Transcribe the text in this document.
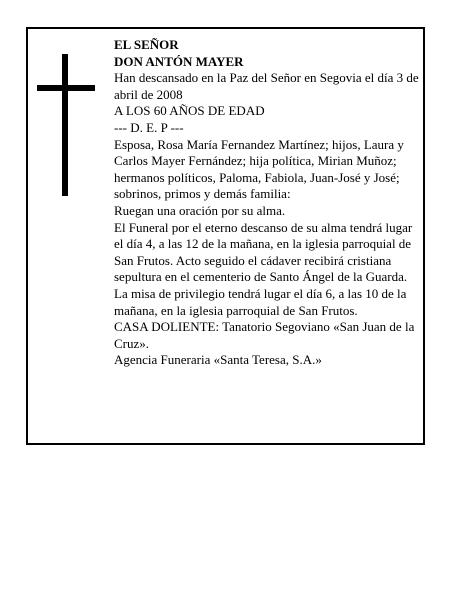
EL SEÑOR

DON ANTÓN MAYER

Han descansado en la Paz del Señor en Segovia el día 3 de abril de 2008

A LOS 60 AÑOS DE EDAD

--- D. E. P ---

Esposa, Rosa María Fernandez Martínez; hijos, Laura y Carlos Mayer Fernández; hija política, Mirian Muñoz; hermanos políticos, Paloma, Fabiola, Juan-José y José; sobrinos, primos y demás familia:

Ruegan una oración por su alma.

El Funeral por el eterno descanso de su alma tendrá lugar el día 4, a las 12 de la mañana, en la iglesia parroquial de San Frutos. Acto seguido el cádaver recibirá cristiana sepultura en el cementerio de Santo Ángel de la Guarda. La misa de privilegio tendrá lugar el día 6, a las 10 de la mañana, en la iglesia parroquial de San Frutos.

CASA DOLIENTE: Tanatorio Segoviano «San Juan de la Cruz».

Agencia Funeraria «Santa Teresa, S.A.»
